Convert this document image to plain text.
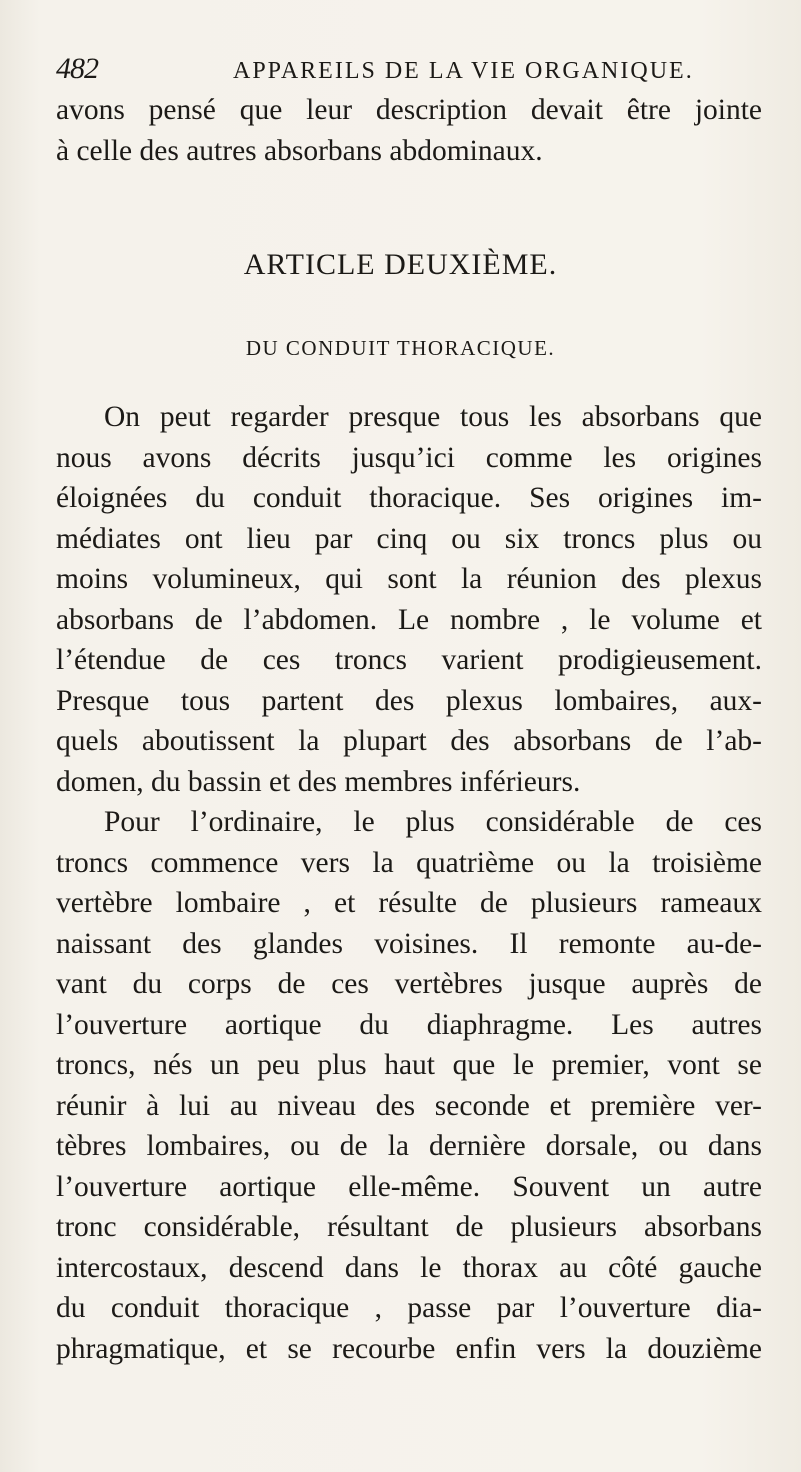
482	APPAREILS DE LA VIE ORGANIQUE.
avons pensé que leur description devait être jointe
à celle des autres absorbans abdominaux.
ARTICLE DEUXIÈME.
DU CONDUIT THORACIQUE.
On peut regarder presque tous les absorbans que
nous avons décrits jusqu’ici comme les origines
éloignées du conduit thoracique. Ses origines im-
médiates ont lieu par cinq ou six troncs plus ou
moins volumineux, qui sont la réunion des plexus
absorbans de l’abdomen. Le nombre , le volume et
l’étendue de ces troncs varient prodigieusement.
Presque tous partent des plexus lombaires, aux-
quels aboutissent la plupart des absorbans de l’ab-
domen, du bassin et des membres inférieurs.
Pour l’ordinaire, le plus considérable de ces
troncs commence vers la quatrième ou la troisième
vertèbre lombaire , et résulte de plusieurs rameaux
naissant des glandes voisines. Il remonte au-de-
vant du corps de ces vertèbres jusque auprès de
l’ouverture aortique du diaphragme. Les autres
troncs, nés un peu plus haut que le premier, vont se
réunir à lui au niveau des seconde et première ver-
tèbres lombaires, ou de la dernière dorsale, ou dans
l’ouverture aortique elle-même. Souvent un autre
tronc considérable, résultant de plusieurs absorbans
intercostaux, descend dans le thorax au côté gauche
du conduit thoracique , passe par l’ouverture dia-
phragmatique, et se recourbe enfin vers la douzième
